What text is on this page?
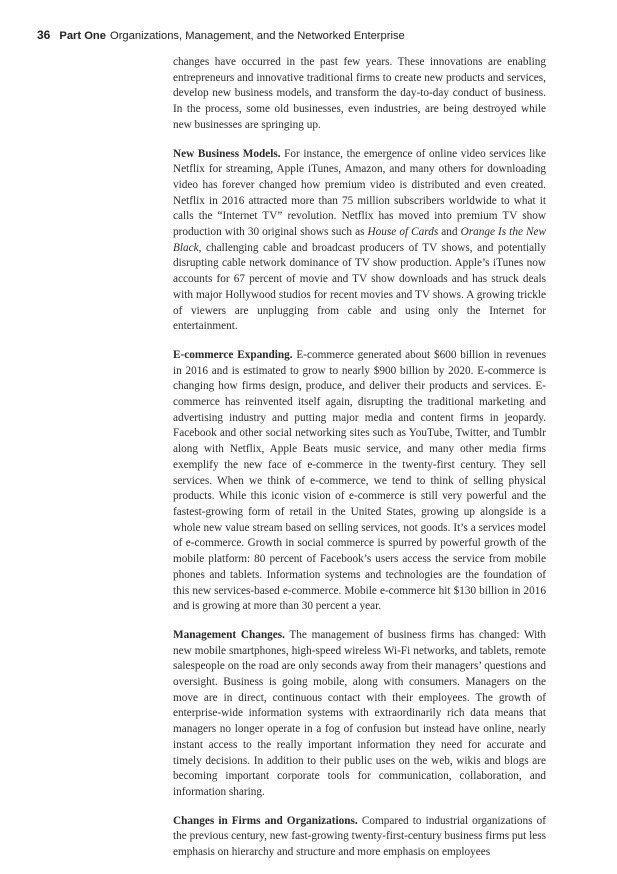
36 Part One Organizations, Management, and the Networked Enterprise

changes have occurred in the past few years. These innovations are enabling entrepreneurs and innovative traditional firms to create new products and services, develop new business models, and transform the day-to-day conduct of business. In the process, some old businesses, even industries, are being destroyed while new businesses are springing up.

New Business Models. For instance, the emergence of online video services like Netflix for streaming, Apple iTunes, Amazon, and many others for downloading video has forever changed how premium video is distributed and even created. Netflix in 2016 attracted more than 75 million subscribers worldwide to what it calls the “Internet TV” revolution. Netflix has moved into premium TV show production with 30 original shows such as House of Cards and Orange Is the New Black, challenging cable and broadcast producers of TV shows, and potentially disrupting cable network dominance of TV show production. Apple’s iTunes now accounts for 67 percent of movie and TV show downloads and has struck deals with major Hollywood studios for recent movies and TV shows. A growing trickle of viewers are unplugging from cable and using only the Internet for entertainment.

E-commerce Expanding. E-commerce generated about $600 billion in revenues in 2016 and is estimated to grow to nearly $900 billion by 2020. E-commerce is changing how firms design, produce, and deliver their products and services. E-commerce has reinvented itself again, disrupting the traditional marketing and advertising industry and putting major media and content firms in jeopardy. Facebook and other social networking sites such as YouTube, Twitter, and Tumblr along with Netflix, Apple Beats music service, and many other media firms exemplify the new face of e-commerce in the twenty-first century. They sell services. When we think of e-commerce, we tend to think of selling physical products. While this iconic vision of e-commerce is still very powerful and the fastest-growing form of retail in the United States, growing up alongside is a whole new value stream based on selling services, not goods. It’s a services model of e-commerce. Growth in social commerce is spurred by powerful growth of the mobile platform: 80 percent of Facebook’s users access the service from mobile phones and tablets. Information systems and technologies are the foundation of this new services-based e-commerce. Mobile e-commerce hit $130 billion in 2016 and is growing at more than 30 percent a year.

Management Changes. The management of business firms has changed: With new mobile smartphones, high-speed wireless Wi-Fi networks, and tablets, remote salespeople on the road are only seconds away from their managers’ questions and oversight. Business is going mobile, along with consumers. Managers on the move are in direct, continuous contact with their employees. The growth of enterprise-wide information systems with extraordinarily rich data means that managers no longer operate in a fog of confusion but instead have online, nearly instant access to the really important information they need for accurate and timely decisions. In addition to their public uses on the web, wikis and blogs are becoming important corporate tools for communication, collaboration, and information sharing.

Changes in Firms and Organizations. Compared to industrial organizations of the previous century, new fast-growing twenty-first-century business firms put less emphasis on hierarchy and structure and more emphasis on employees
